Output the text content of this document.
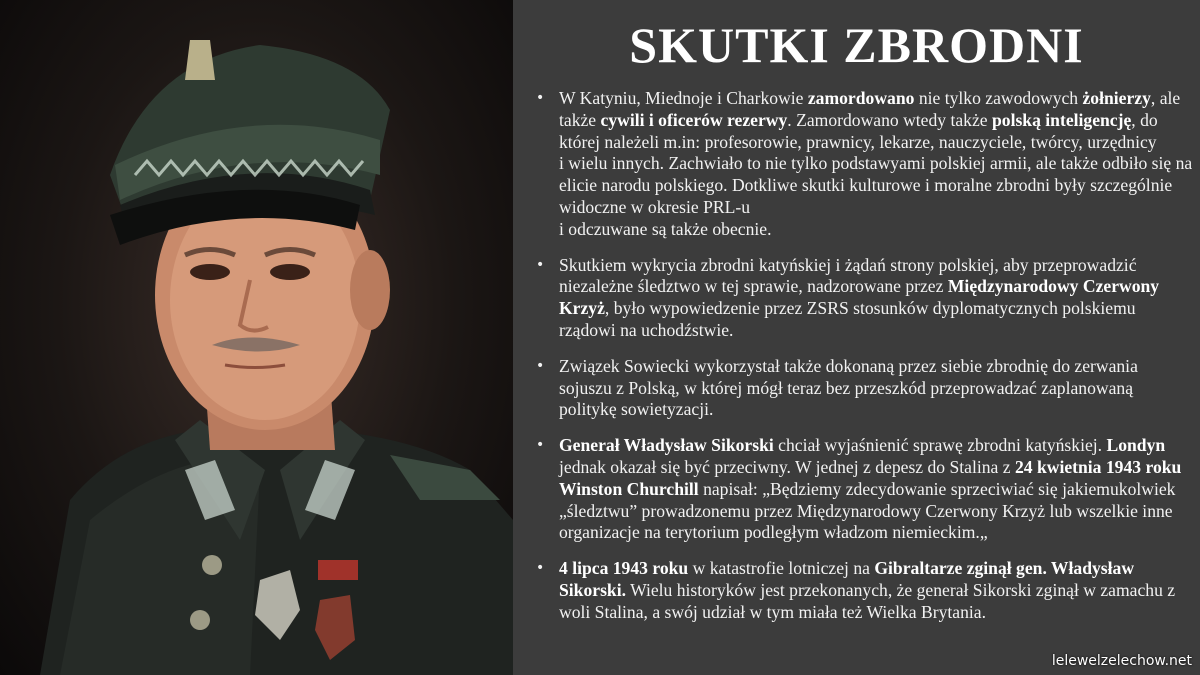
SKUTKI ZBRODNI
• W Katyniu, Miednoje i Charkowie zamordowano nie tylko zawodowych żołnierzy, ale także cywili i oficerów rezerwy. Zamordowano wtedy także polską inteligencję, do której należeli m.in: profesorowie, prawnicy, lekarze, nauczyciele, twórcy, urzędnicy
i wielu innych. Zachwiało to nie tylko podstawyami polskiej armii, ale także odbiło się na elicie narodu polskiego. Dotkliwe skutki kulturowe i moralne zbrodni były szczególnie widoczne w okresie PRL-u
i odczuwane są także obecnie.
• Skutkiem wykrycia zbrodni katyńskiej i żądań strony polskiej, aby przeprowadzić niezależne śledztwo w tej sprawie, nadzorowane przez Międzynarodowy Czerwony Krzyż, było wypowiedzenie przez ZSRS stosunków dyplomatycznych polskiemu rządowi na uchodźstwie.
• Związek Sowiecki wykorzystał także dokonaną przez siebie zbrodnię do zerwania sojuszu z Polską, w której mógł teraz bez przeszkód przeprowadzać zaplanowaną politykę sowietyzacji.
• Generał Władysław Sikorski chciał wyjaśnienić sprawę zbrodni katyńskiej. Londyn jednak okazał się być przeciwny. W jednej z depesz do Stalina z 24 kwietnia 1943 roku Winston Churchill napisał: „Będziemy zdecydowanie sprzeciwiać się jakiemukolwiek „śledztwu” prowadzonemu przez Międzynarodowy Czerwony Krzyż lub wszelkie inne organizacje na terytorium podległym władzom niemieckim.„
• 4 lipca 1943 roku w katastrofie lotniczej na Gibraltarze zginął gen. Władysław Sikorski. Wielu historyków jest przekonanych, że generał Sikorski zginął w zamachu z woli Stalina, a swój udział w tym miała też Wielka Brytania.
lelewelzelechow.net
